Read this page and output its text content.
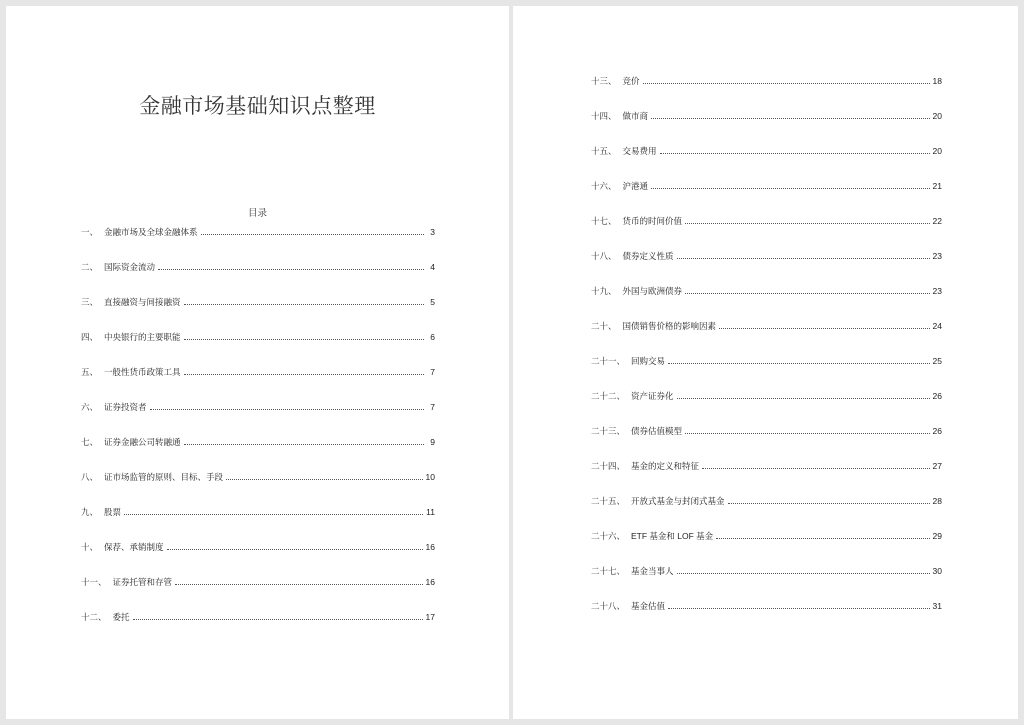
金融市场基础知识点整理
目录
一、 金融市场及全球金融体系	3
二、 国际资金流动	4
三、 直接融资与间接融资	5
四、 中央银行的主要职能	6
五、 一般性货币政策工具	7
六、 证券投资者	7
七、 证券金融公司转融通	9
八、 证市场监管的原则、目标、手段	10
九、 股票	11
十、 保荐、承销制度	16
十一、 证券托管和存管	16
十二、 委托	17
十三、 竞价	18
十四、 做市商	20
十五、 交易费用	20
十六、 沪港通	21
十七、 货币的时间价值	22
十八、 债券定义性质	23
十九、 外国与欧洲债券	23
二十、 国债销售价格的影响因素	24
二十一、 回购交易	25
二十二、 资产证券化	26
二十三、 债券估值模型	26
二十四、 基金的定义和特征	27
二十五、 开放式基金与封闭式基金	28
二十六、 ETF 基金和 LOF 基金	29
二十七、 基金当事人	30
二十八、 基金估值	31
